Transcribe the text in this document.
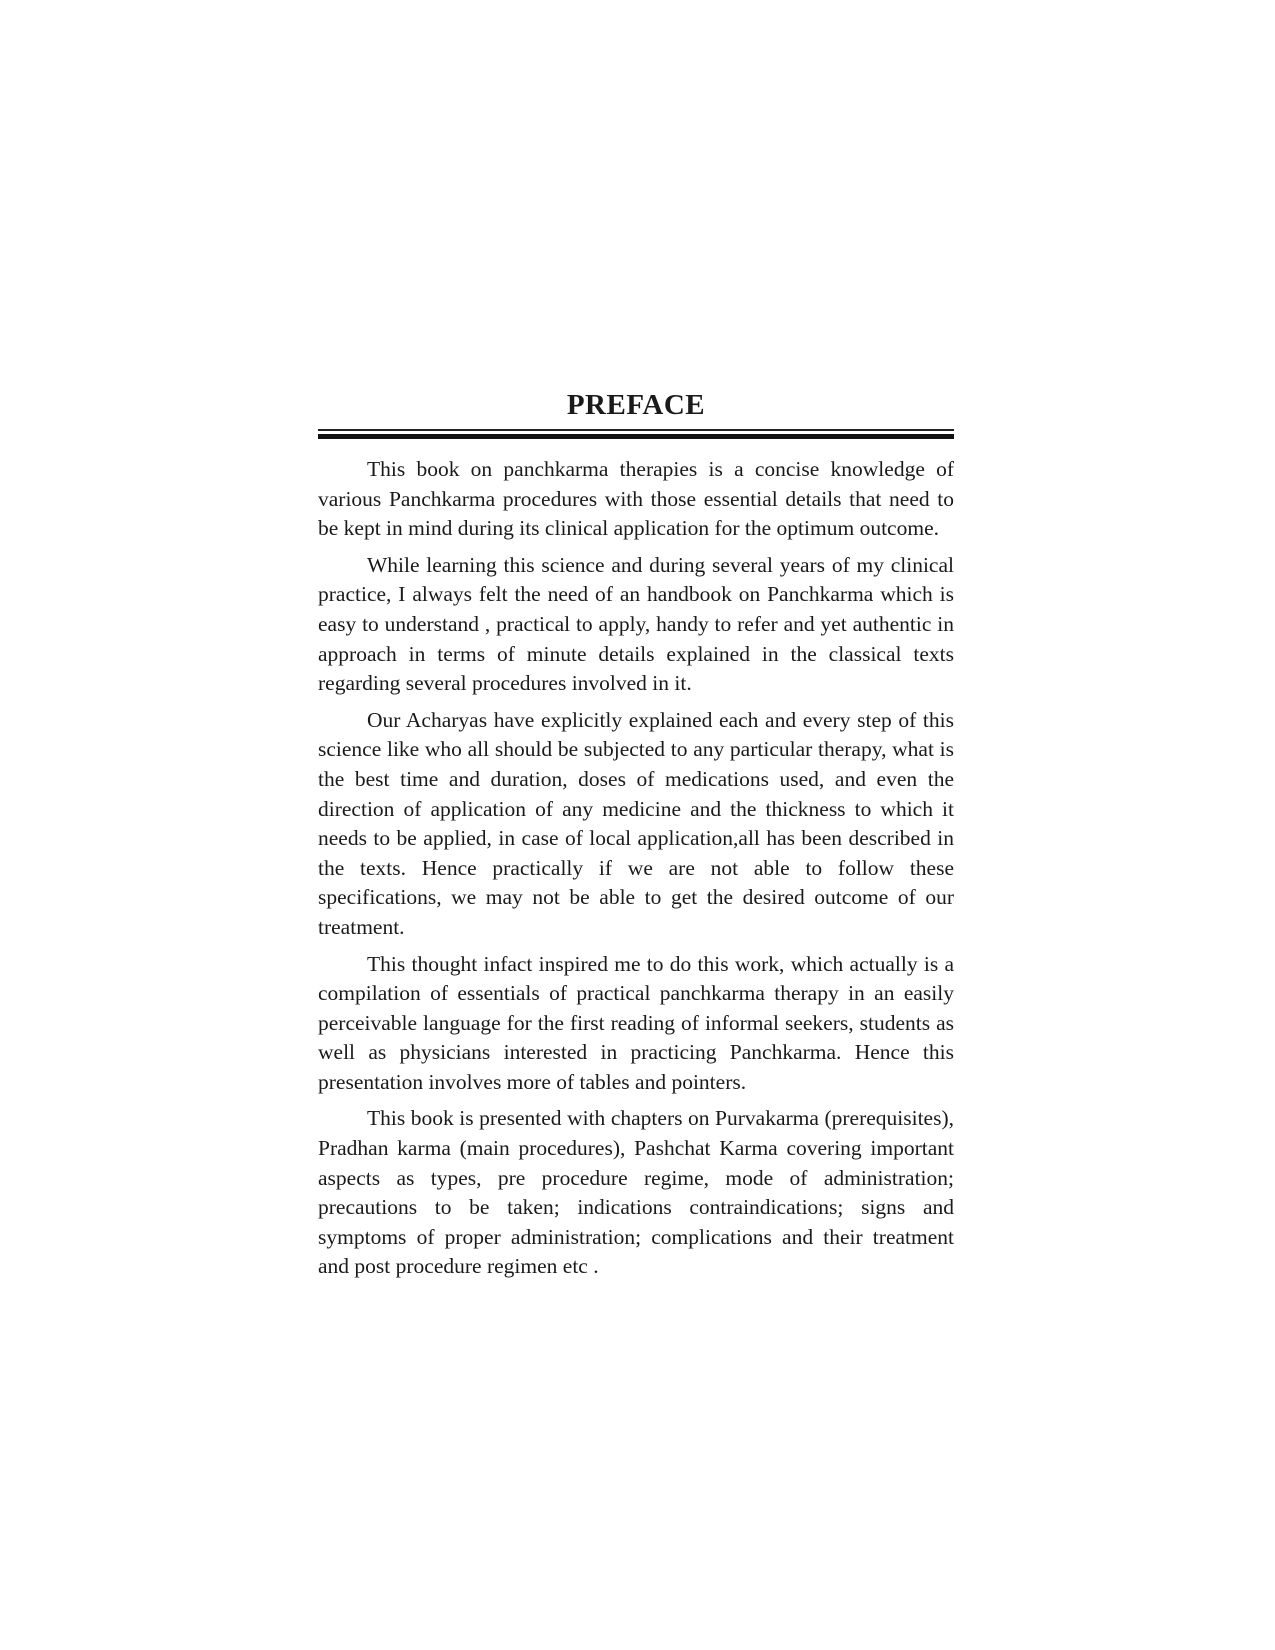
PREFACE

This book on panchkarma therapies is a concise knowledge of various Panchkarma procedures with those essential details that need to be kept in mind during its clinical application for the optimum outcome.

While learning this science and during several years of my clinical practice, I always felt the need of an handbook on Panchkarma which is easy to understand , practical to apply, handy to refer and yet authentic in approach in terms of minute details explained in the classical texts regarding several procedures involved in it.

Our Acharyas have explicitly explained each and every step of this science like who all should be subjected to any particular therapy, what is the best time and duration, doses of medications used, and even the direction of application of any medicine and the thickness to which it needs to be applied, in case of local application,all has been described in the texts. Hence practically if we are not able to follow these specifications, we may not be able to get the desired outcome of our treatment.

This thought infact inspired me to do this work, which actually is a compilation of essentials of practical panchkarma therapy in an easily perceivable language for the first reading of informal seekers, students as well as physicians interested in practicing Panchkarma. Hence this presentation involves more of tables and pointers.

This book is presented with chapters on Purvakarma (prerequisites), Pradhan karma (main procedures), Pashchat Karma covering important aspects as types, pre procedure regime, mode of administration; precautions to be taken; indications contraindications; signs and symptoms of proper administration; complications and their treatment and post procedure regimen etc .
